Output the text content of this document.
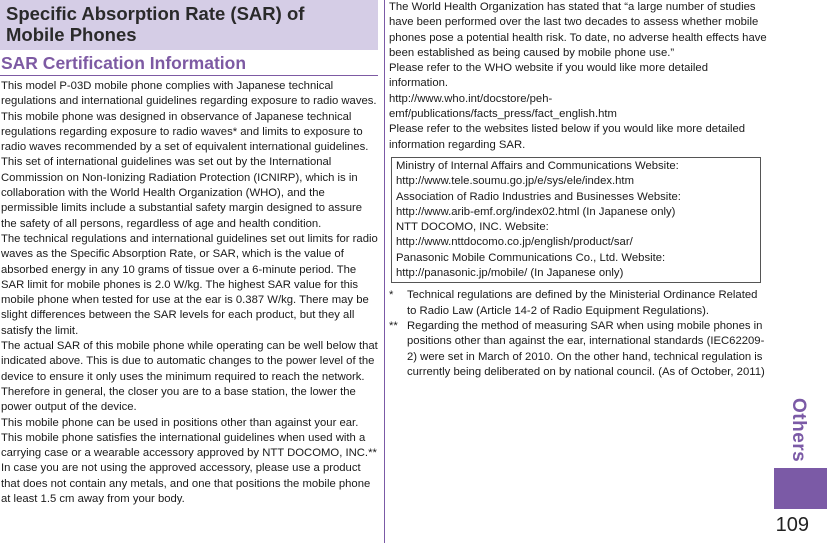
Specific Absorption Rate (SAR) of
Mobile Phones
SAR Certification Information

This model P-03D mobile phone complies with Japanese technical regulations and international guidelines regarding exposure to radio waves.

This mobile phone was designed in observance of Japanese technical regulations regarding exposure to radio waves* and limits to exposure to radio waves recommended by a set of equivalent international guidelines. This set of international guidelines was set out by the International Commission on Non-Ionizing Radiation Protection (ICNIRP), which is in collaboration with the World Health Organization (WHO), and the permissible limits include a substantial safety margin designed to assure the safety of all persons, regardless of age and health condition.

The technical regulations and international guidelines set out limits for radio waves as the Specific Absorption Rate, or SAR, which is the value of absorbed energy in any 10 grams of tissue over a 6-minute period. The SAR limit for mobile phones is 2.0 W/kg. The highest SAR value for this mobile phone when tested for use at the ear is 0.387 W/kg. There may be slight differences between the SAR levels for each product, but they all satisfy the limit.

The actual SAR of this mobile phone while operating can be well below that indicated above. This is due to automatic changes to the power level of the device to ensure it only uses the minimum required to reach the network. Therefore in general, the closer you are to a base station, the lower the power output of the device.

This mobile phone can be used in positions other than against your ear. This mobile phone satisfies the international guidelines when used with a carrying case or a wearable accessory approved by NTT DOCOMO, INC.** In case you are not using the approved accessory, please use a product that does not contain any metals, and one that positions the mobile phone at least 1.5 cm away from your body.

The World Health Organization has stated that “a large number of studies have been performed over the last two decades to assess whether mobile phones pose a potential health risk. To date, no adverse health effects have been established as being caused by mobile phone use.”

Please refer to the WHO website if you would like more detailed information.

http://www.who.int/docstore/peh-emf/publications/facts_press/fact_english.htm

Please refer to the websites listed below if you would like more detailed information regarding SAR.

Ministry of Internal Affairs and Communications Website:
http://www.tele.soumu.go.jp/e/sys/ele/index.htm
Association of Radio Industries and Businesses Website:
http://www.arib-emf.org/index02.html (In Japanese only)
NTT DOCOMO, INC. Website:
http://www.nttdocomo.co.jp/english/product/sar/
Panasonic Mobile Communications Co., Ltd. Website:
http://panasonic.jp/mobile/ (In Japanese only)
*	Technical regulations are defined by the Ministerial Ordinance Related to Radio Law (Article 14-2 of Radio Equipment Regulations).
** Regarding the method of measuring SAR when using mobile phones in positions other than against the ear, international standards (IEC62209-2) were set in March of 2010. On the other hand, technical regulation is currently being deliberated on by national council. (As of October, 2011)
Others
109
